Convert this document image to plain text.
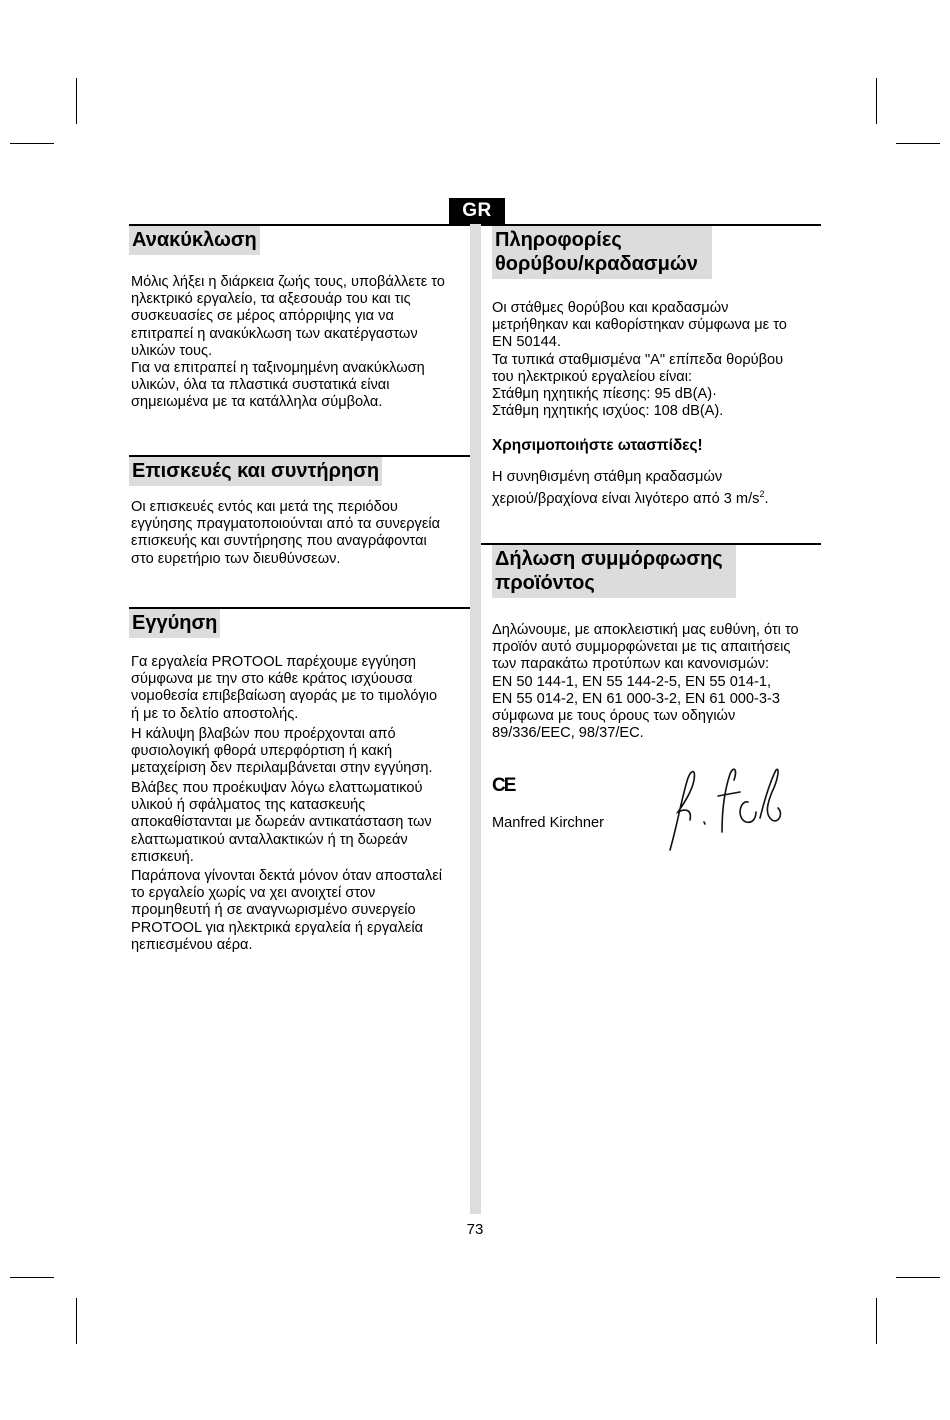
GR
Ανακύκλωση
Μόλις λήξει η διάρκεια ζωής τους, υποβάλλετε το
ηλεκτρικό εργαλείο, τα αξεσουάρ του και τις
συσκευασίες σε μέρος απόρριψης για να
επιτραπεί η ανακύκλωση των ακατέργαστων
υλικών τους.
Για να επιτραπεί η ταξινομημένη ανακύκλωση
υλικών, όλα τα πλαστικά συστατικά είναι
σημειωμένα με τα κατάλληλα σύμβολα.
Επισκευές και συντήρηση
Οι επισκευές εντός και μετά της περιόδου
εγγύησης πραγματοποιούνται από τα συνεργεία
επισκευής και συντήρησης που αναγράφονται
στο ευρετήριο των διευθύνσεων.
Εγγύηση
Γα εργαλεία PROTOOL παρέχουμε εγγύηση
σύμφωνα με την στο κάθε κράτος ισχύουσα
νομοθεσία επιβεβαίωση αγοράς με το τιμολόγιο
ή με το δελτίο αποστολής.
Η κάλυψη βλαβών που προέρχονται από
φυσιολογική φθορά υπερφόρτιση ή κακή
μεταχείριση δεν περιλαμβάνεται στην εγγύηση.
Βλάβες που προέκυψαν λόγω ελαττωματικού
υλικού ή σφάλματος της κατασκευής
αποκαθίστανται με δωρεάν αντικατάσταση των
ελαττωματικού ανταλλακτικών ή τη δωρεάν
επισκευή.
Παράπονα γίνονται δεκτά μόνον όταν αποσταλεί
το εργαλείο χωρίς να χει ανοιχτεί στον
προμηθευτή ή σε αναγνωρισμένο συνεργείο
PROTOOL για ηλεκτρικά εργαλεία ή εργαλεία
ηεπιεσμένου αέρα.
Πληροφορίες
θορύβου/κραδασμών
Οι στάθμες θορύβου και κραδασμών
μετρήθηκαν και καθορίστηκαν σύμφωνα με το
EN 50144.
Τα τυπικά σταθμισμένα "A" επίπεδα θορύβου
του ηλεκτρικού εργαλείου είναι:
Στάθμη ηχητικής πίεσης: 95 dB(A)·
Στάθμη ηχητικής ισχύος: 108 dB(A).
Χρησιμοποιήστε ωτασπίδες!
Η συνηθισμένη στάθμη κραδασμών
χεριού/βραχίονα είναι λιγότερο από 3 $m/s^2$.
Δήλωση συμμόρφωσης
προϊόντος
Δηλώνουμε, με αποκλειστική μας ευθύνη, ότι το
προϊόν αυτό συμμορφώνεται με τις απαιτήσεις
των παρακάτω προτύπων και κανονισμών:
EN 50 144-1, EN 55 144-2-5, EN 55 014-1,
EN 55 014-2, EN 61 000-3-2, EN 61 000-3-3
σύμφωνα με τους όρους των οδηγιών
89/336/EEC, 98/37/EC.
CE
Manfred Kirchner
73
